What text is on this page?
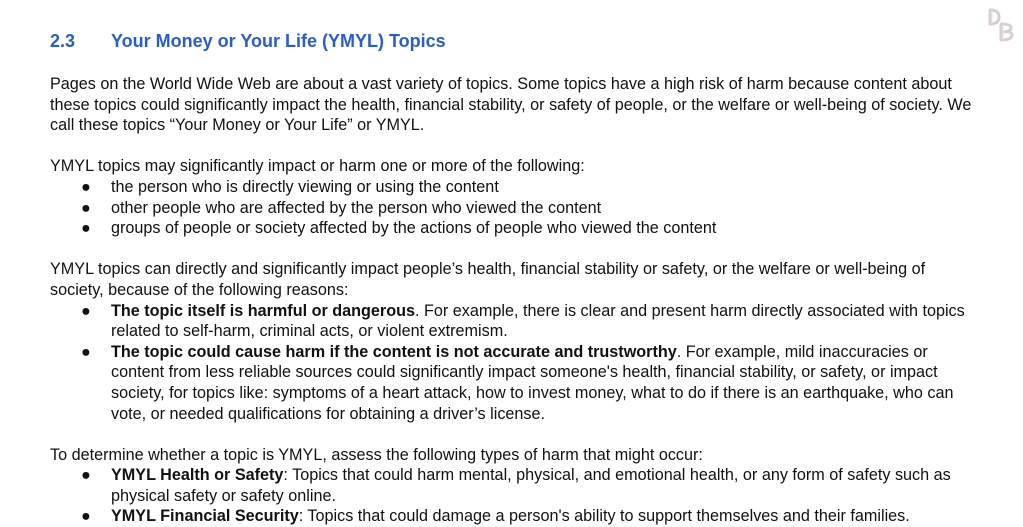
2.3 Your Money or Your Life (YMYL) Topics

Pages on the World Wide Web are about a vast variety of topics. Some topics have a high risk of harm because content about these topics could significantly impact the health, financial stability, or safety of people, or the welfare or well-being of society. We call these topics “Your Money or Your Life” or YMYL.

YMYL topics may significantly impact or harm one or more of the following:

● the person who is directly viewing or using the content
● other people who are affected by the person who viewed the content
● groups of people or society affected by the actions of people who viewed the content

YMYL topics can directly and significantly impact people’s health, financial stability or safety, or the welfare or well-being of society, because of the following reasons:

● The topic itself is harmful or dangerous. For example, there is clear and present harm directly associated with topics related to self-harm, criminal acts, or violent extremism.
● The topic could cause harm if the content is not accurate and trustworthy. For example, mild inaccuracies or content from less reliable sources could significantly impact someone's health, financial stability, or safety, or impact society, for topics like: symptoms of a heart attack, how to invest money, what to do if there is an earthquake, who can vote, or needed qualifications for obtaining a driver’s license.

To determine whether a topic is YMYL, assess the following types of harm that might occur:

● YMYL Health or Safety: Topics that could harm mental, physical, and emotional health, or any form of safety such as physical safety or safety online.
● YMYL Financial Security: Topics that could damage a person's ability to support themselves and their families.
